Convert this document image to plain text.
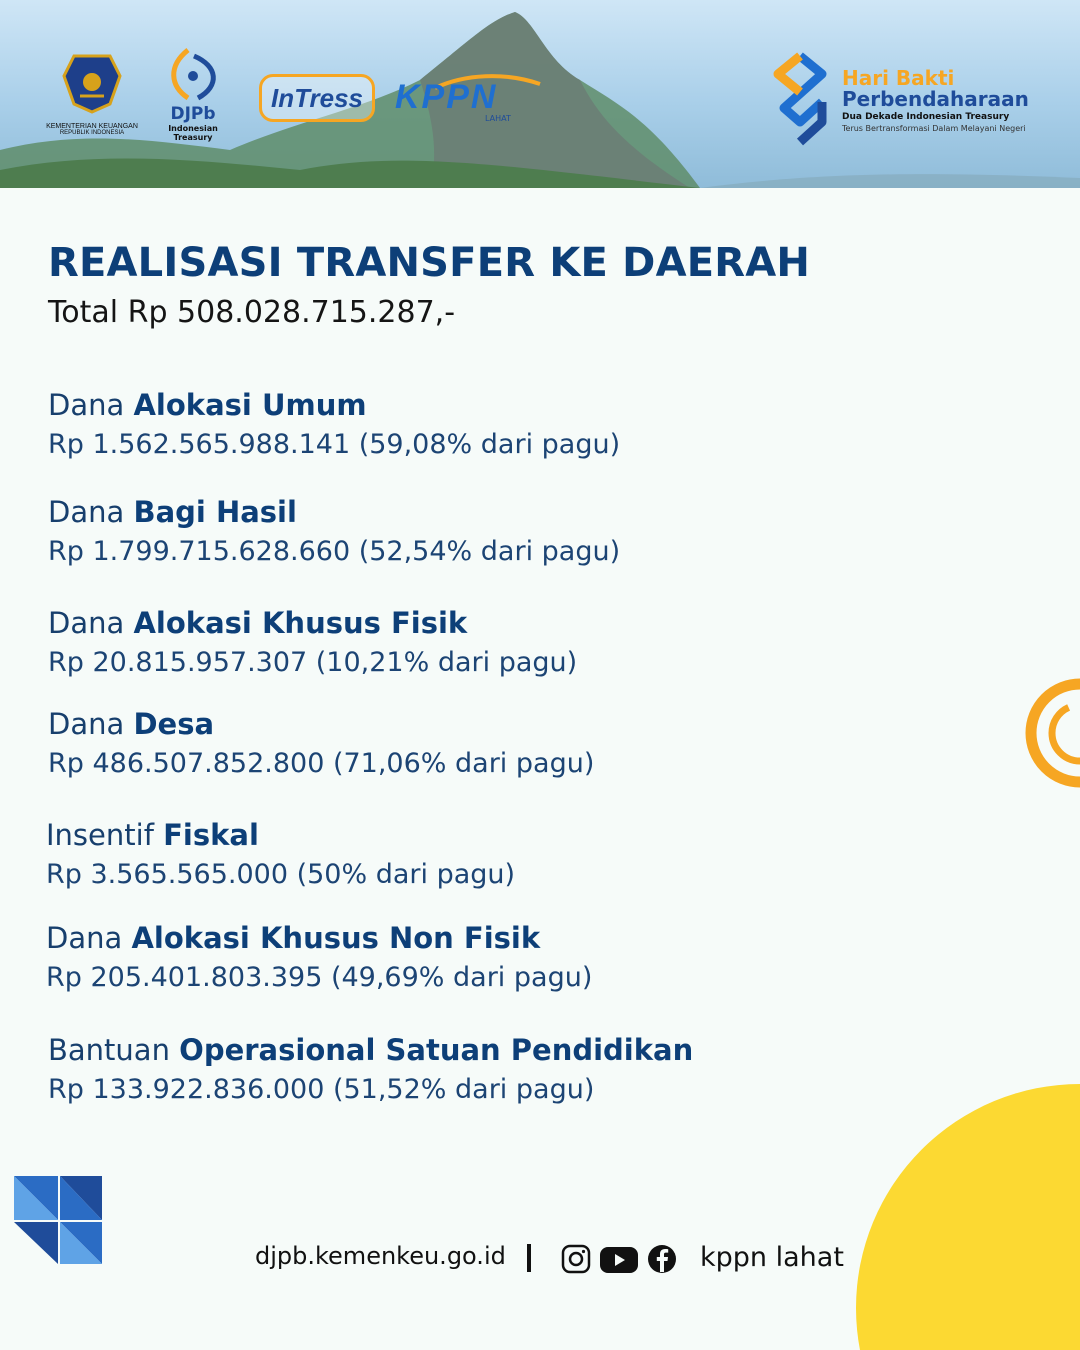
KEMENTERIAN KEUANGAN
REPUBLIK INDONESIA
DJPb
Indonesian Treasury
InTress KPPN
LAHAT
Hari Bakti
Perbendaharaan
Dua Dekade Indonesian Treasury
Terus Bertransformasi Dalam Melayani Negeri
REALISASI TRANSFER KE DAERAH
Total Rp 508.028.715.287,-
Dana Alokasi Umum
Rp 1.562.565.988.141 (59,08% dari pagu)
Dana Bagi Hasil
Rp 1.799.715.628.660 (52,54% dari pagu)
Dana Alokasi Khusus Fisik
Rp 20.815.957.307 (10,21% dari pagu)
Dana Desa
Rp 486.507.852.800 (71,06% dari pagu)
Insentif Fiskal
Rp 3.565.565.000 (50% dari pagu)
Dana Alokasi Khusus Non Fisik
Rp 205.401.803.395 (49,69% dari pagu)
Bantuan Operasional Satuan Pendidikan
Rp 133.922.836.000 (51,52% dari pagu)
djpb.kemenkeu.go.id	kppn lahat
